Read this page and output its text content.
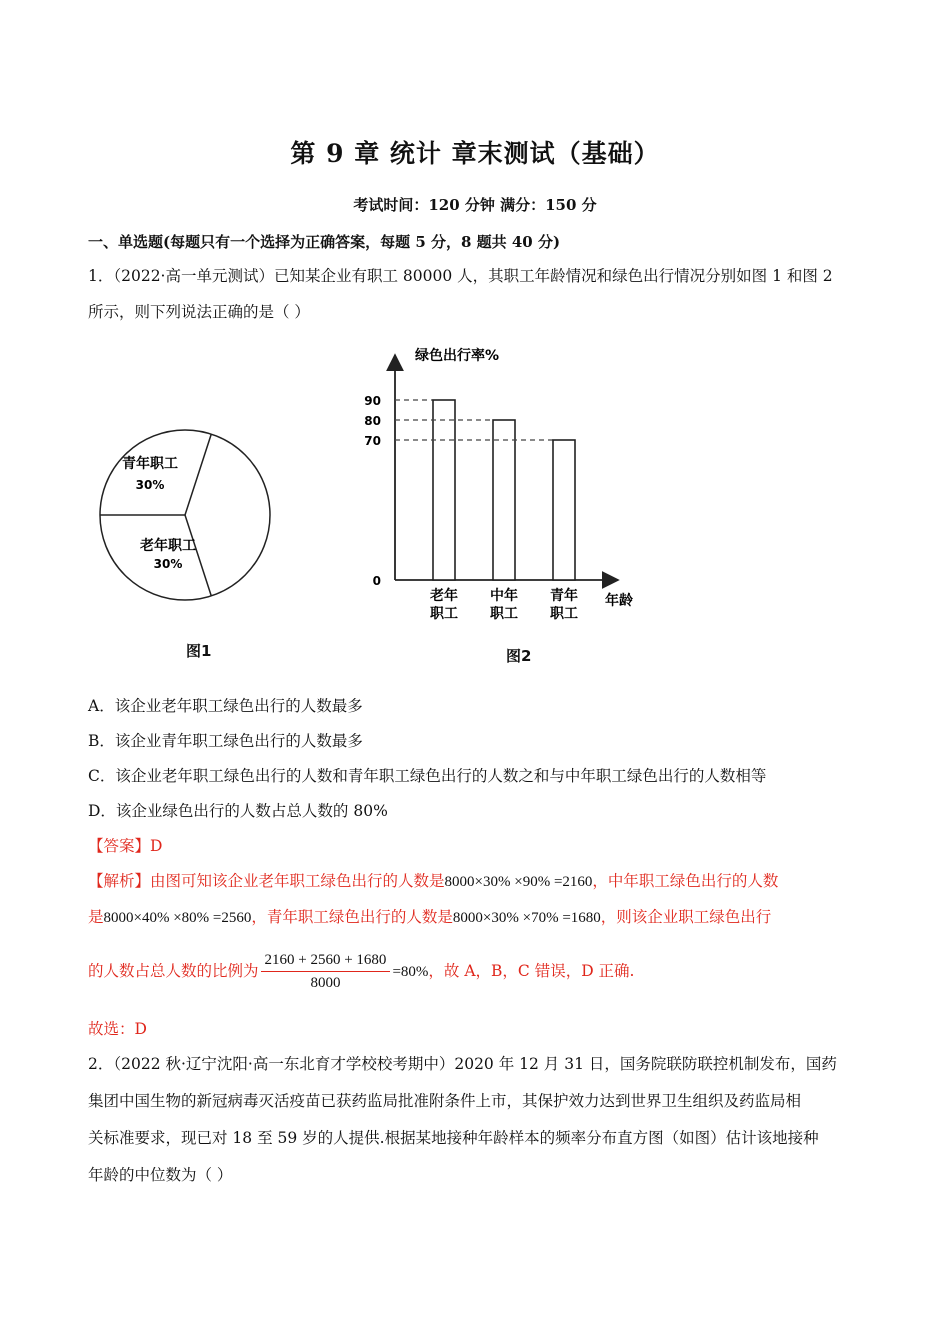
第 9 章 统计 章末测试（基础）
考试时间：120 分钟 满分：150 分
一、单选题(每题只有一个选择为正确答案，每题 5 分，8 题共 40 分)
1．（2022·高一单元测试）已知某企业有职工 80000 人，其职工年龄情况和绿色出行情况分别如图 1 和图 2
所示，则下列说法正确的是（ ）
青年职工
30%
老年职工
30%
图1
绿色出行率%
年龄
90
老年
职工
80
中年
职工
70
青年
职工
0
图2
A．该企业老年职工绿色出行的人数最多
B．该企业青年职工绿色出行的人数最多
C．该企业老年职工绿色出行的人数和青年职工绿色出行的人数之和与中年职工绿色出行的人数相等
D．该企业绿色出行的人数占总人数的 80%
【答案】D
【解析】由图可知该企业老年职工绿色出行的人数是8000×30% ×90% =2160，中年职工绿色出行的人数
是8000×40% ×80% =2560，青年职工绿色出行的人数是8000×30% ×70% =1680，则该企业职工绿色出行
的人数占总人数的比例为 $\frac{2160 + 2560 + 1680}{8000} =80\%$，故 A，B，C 错误，D 正确.
故选：D
2．（2022 秋·辽宁沈阳·高一东北育才学校校考期中）2020 年 12 月 31 日，国务院联防联控机制发布，国药
集团中国生物的新冠病毒灭活疫苗已获药监局批准附条件上市，其保护效力达到世界卫生组织及药监局相
关标准要求，现已对 18 至 59 岁的人提供.根据某地接种年龄样本的频率分布直方图（如图）估计该地接种
年龄的中位数为（ ）
